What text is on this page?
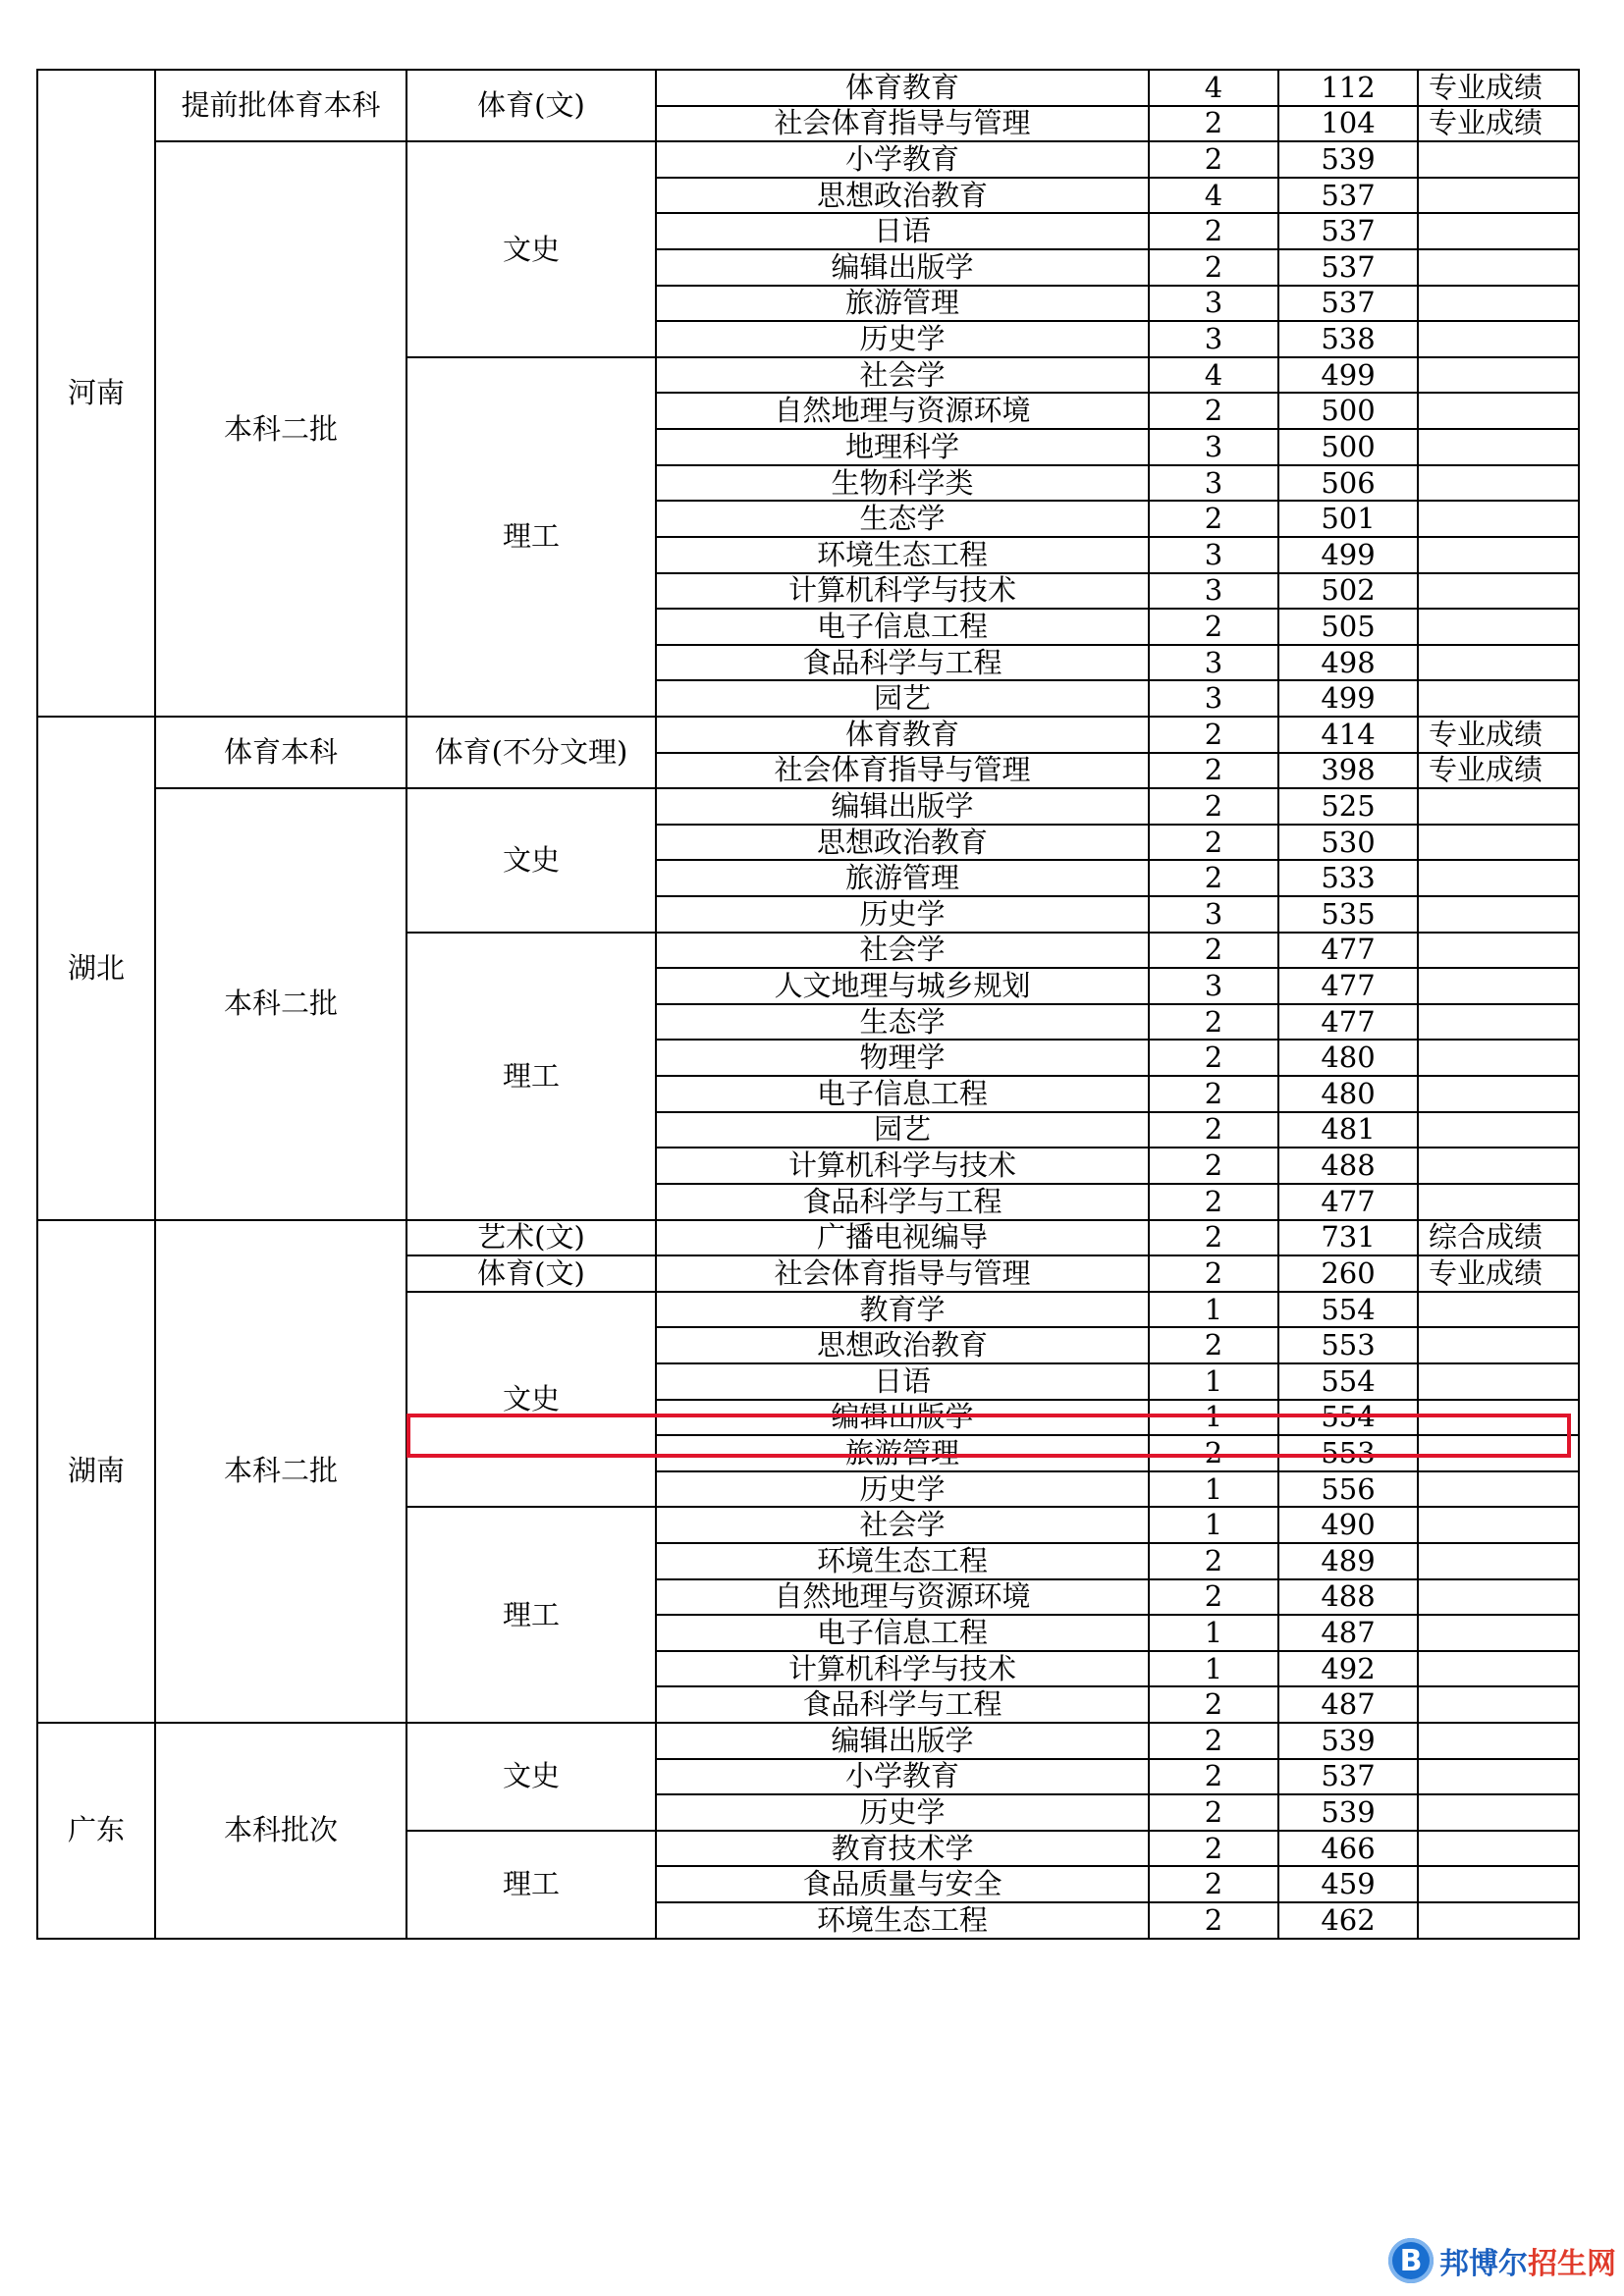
河南	提前批体育本科	体育(文)	体育教育	4	112	专业成绩
			社会体育指导与管理	2	104	专业成绩
	本科二批	文史	小学教育	2	539	
			思想政治教育	4	537	
			日语	2	537	
			编辑出版学	2	537	
			旅游管理	3	537	
			历史学	3	538	
		理工	社会学	4	499	
			自然地理与资源环境	2	500	
			地理科学	3	500	
			生物科学类	3	506	
			生态学	2	501	
			环境生态工程	3	499	
			计算机科学与技术	3	502	
			电子信息工程	2	505	
			食品科学与工程	3	498	
			园艺	3	499	
湖北	体育本科	体育(不分文理)	体育教育	2	414	专业成绩
			社会体育指导与管理	2	398	专业成绩
	本科二批	文史	编辑出版学	2	525	
			思想政治教育	2	530	
			旅游管理	2	533	
			历史学	3	535	
		理工	社会学	2	477	
			人文地理与城乡规划	3	477	
			生态学	2	477	
			物理学	2	480	
			电子信息工程	2	480	
			园艺	2	481	
			计算机科学与技术	2	488	
			食品科学与工程	2	477	
湖南	本科二批	艺术(文)	广播电视编导	2	731	综合成绩
		体育(文)	社会体育指导与管理	2	260	专业成绩
		文史	教育学	1	554	
			思想政治教育	2	553	
			日语	1	554	
			编辑出版学	1	554	
			旅游管理	2	553	
			历史学	1	556	
		理工	社会学	1	490	
			环境生态工程	2	489	
			自然地理与资源环境	2	488	
			电子信息工程	1	487	
			计算机科学与技术	1	492	
			食品科学与工程	2	487	
广东	本科批次	文史	编辑出版学	2	539	
			小学教育	2	537	
			历史学	2	539	
		理工	教育技术学	2	466	
			食品质量与安全	2	459	
			环境生态工程	2	462	
B 邦博尔招生网
